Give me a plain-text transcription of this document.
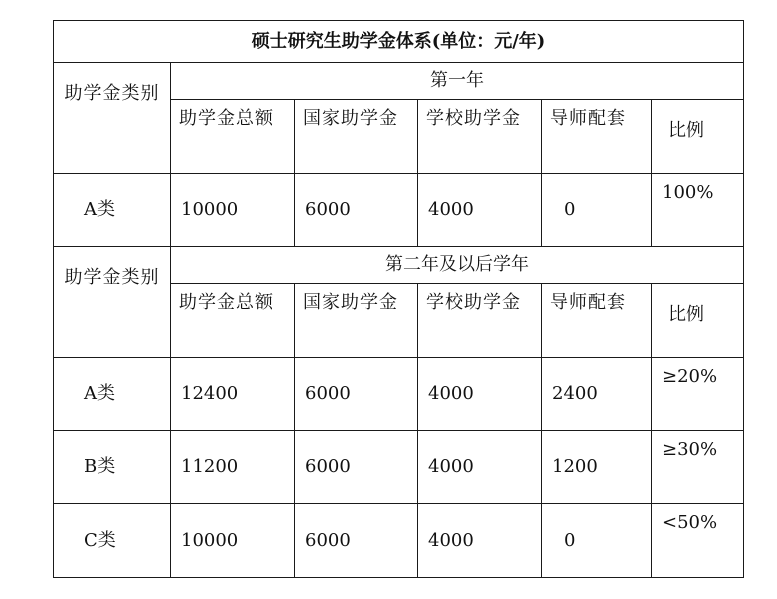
硕士研究生助学金体系(单位：元/年)					
助学金类别	第一年				
	助学金总额	国家助学金	学校助学金	导师配套	比例
A类	10000	6000	4000	0	100%
助学金类别	第二年及以后学年				
	助学金总额	国家助学金	学校助学金	导师配套	比例
A类	12400	6000	4000	2400	≥20%
B类	11200	6000	4000	1200	≥30%
C类	10000	6000	4000	0	<50%
